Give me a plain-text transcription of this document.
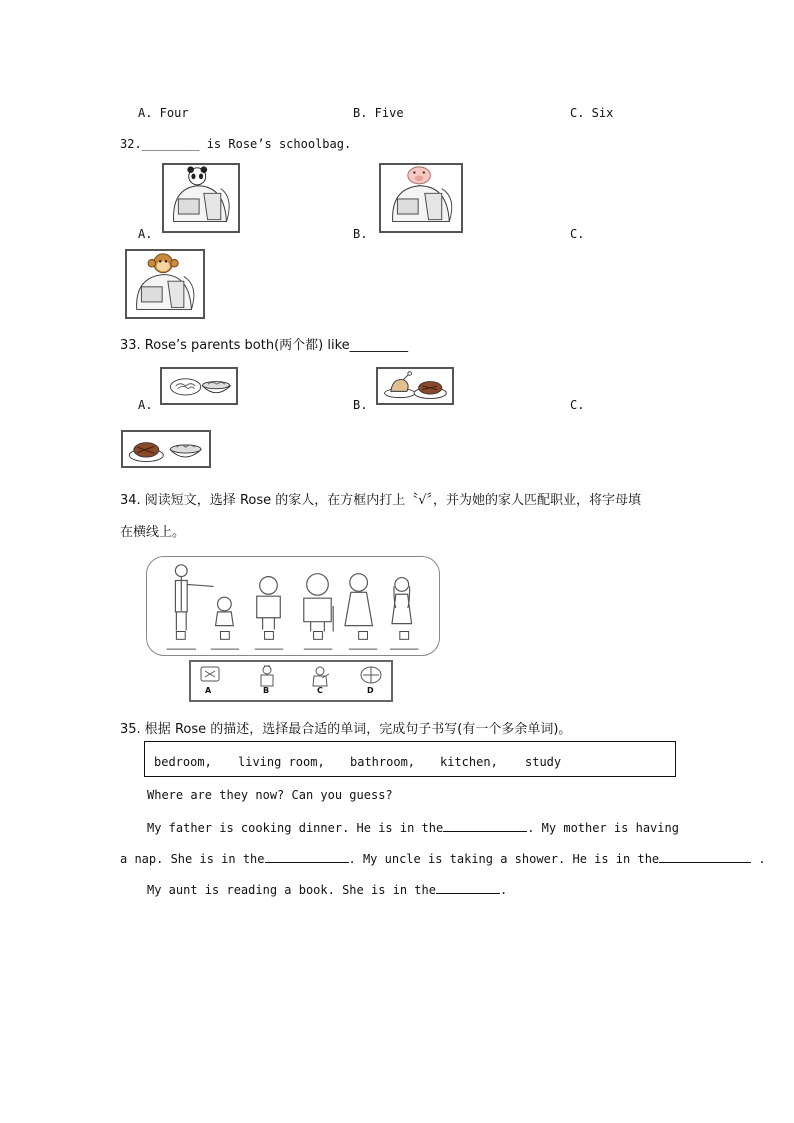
A. Four	B. Five	C. Six
32.________ is Rose’s schoolbag.
A.	B.	C.
33. Rose’s parents both(两个都) like_________
A.	B.	C.
34. 阅读短文，选择 Rose 的家人，在方框内打上〝√〞，并为她的家人匹配职业，将字母填
在横线上。
A	B	C	D
35. 根据 Rose 的描述，选择最合适的单词，完成句子书写(有一个多余单词)。
bedroom, living room, bathroom, kitchen, study
Where are they now? Can you guess?
My father is cooking dinner. He is in the	. My mother is having
a nap. She is in the	. My uncle is taking a shower. He is in the	.
My aunt is reading a book. She is in the	.
